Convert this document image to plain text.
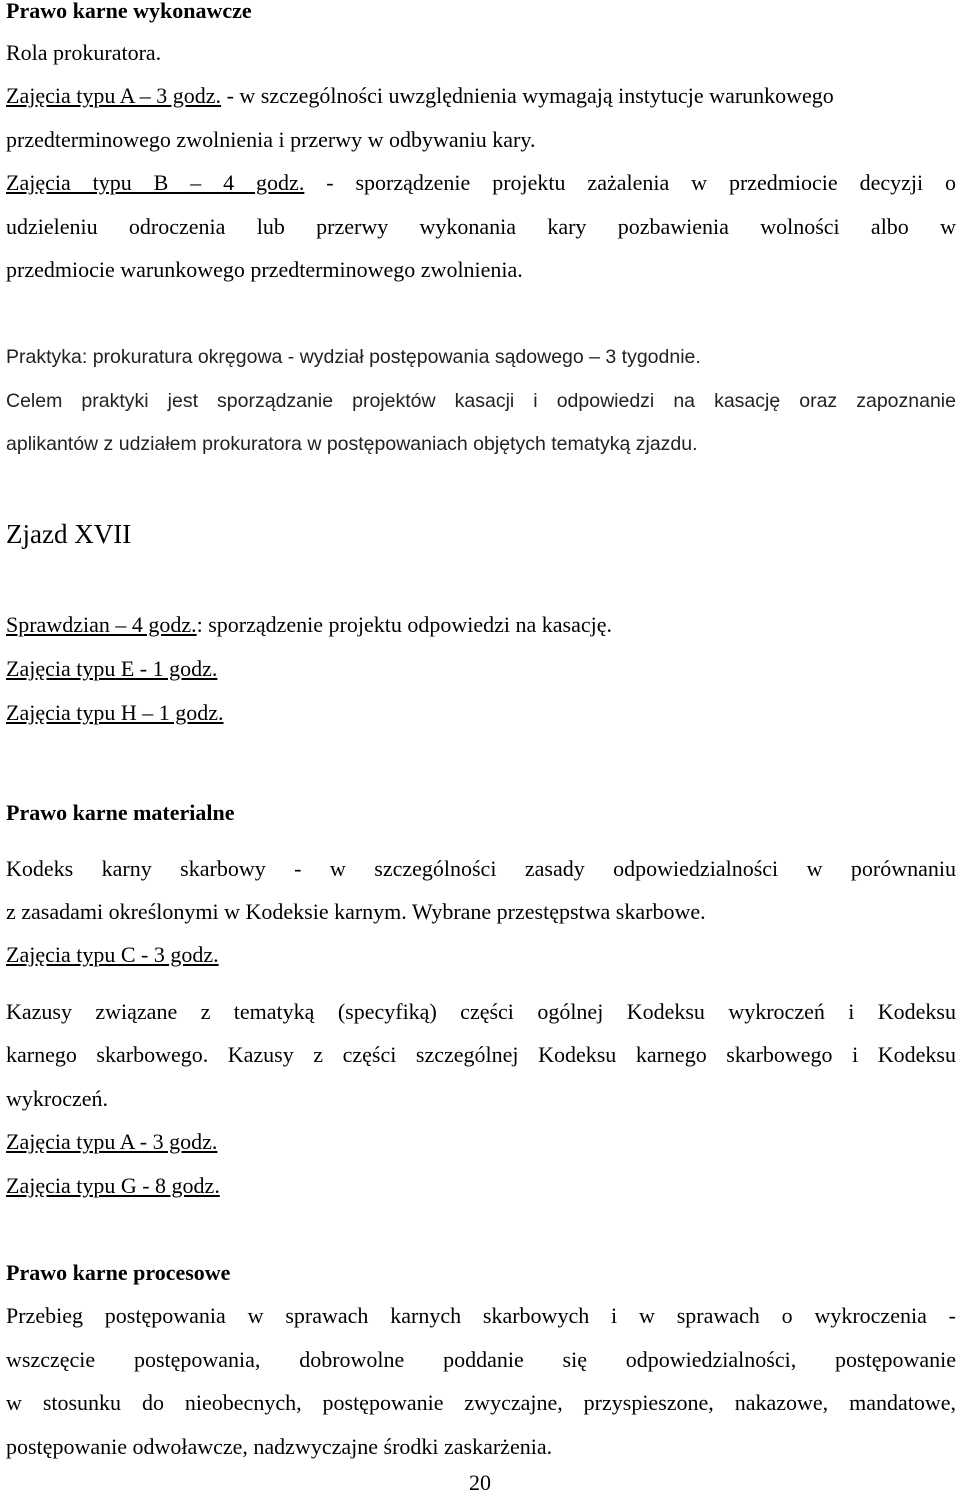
Prawo karne wykonawcze
Rola prokuratora.
Zajęcia typu A – 3 godz. - w szczególności uwzględnienia wymagają instytucje warunkowego
przedterminowego zwolnienia i przerwy w odbywaniu kary.
Zajęcia typu B – 4 godz. - sporządzenie projektu zażalenia w przedmiocie decyzji o
udzieleniu odroczenia lub przerwy wykonania kary pozbawienia wolności albo w
przedmiocie warunkowego przedterminowego zwolnienia.
Praktyka: prokuratura okręgowa - wydział postępowania sądowego – 3 tygodnie.
Celem praktyki jest sporządzanie projektów kasacji i odpowiedzi na kasację oraz zapoznanie
aplikantów z udziałem prokuratora w postępowaniach objętych tematyką zjazdu.
Zjazd XVII
Sprawdzian – 4 godz.: sporządzenie projektu odpowiedzi na kasację.
Zajęcia typu E - 1 godz.
Zajęcia typu H – 1 godz.
Prawo karne materialne
Kodeks karny skarbowy - w szczególności zasady odpowiedzialności w porównaniu
z zasadami określonymi w Kodeksie karnym. Wybrane przestępstwa skarbowe.
Zajęcia typu C - 3 godz.
Kazusy związane z tematyką (specyfiką) części ogólnej Kodeksu wykroczeń i Kodeksu
karnego skarbowego. Kazusy z części szczególnej Kodeksu karnego skarbowego i Kodeksu
wykroczeń.
Zajęcia typu A - 3 godz.
Zajęcia typu G - 8 godz.
Prawo karne procesowe
Przebieg postępowania w sprawach karnych skarbowych i w sprawach o wykroczenia -
wszczęcie postępowania, dobrowolne poddanie się odpowiedzialności, postępowanie
w stosunku do nieobecnych, postępowanie zwyczajne, przyspieszone, nakazowe, mandatowe,
postępowanie odwoławcze, nadzwyczajne środki zaskarżenia.
20
